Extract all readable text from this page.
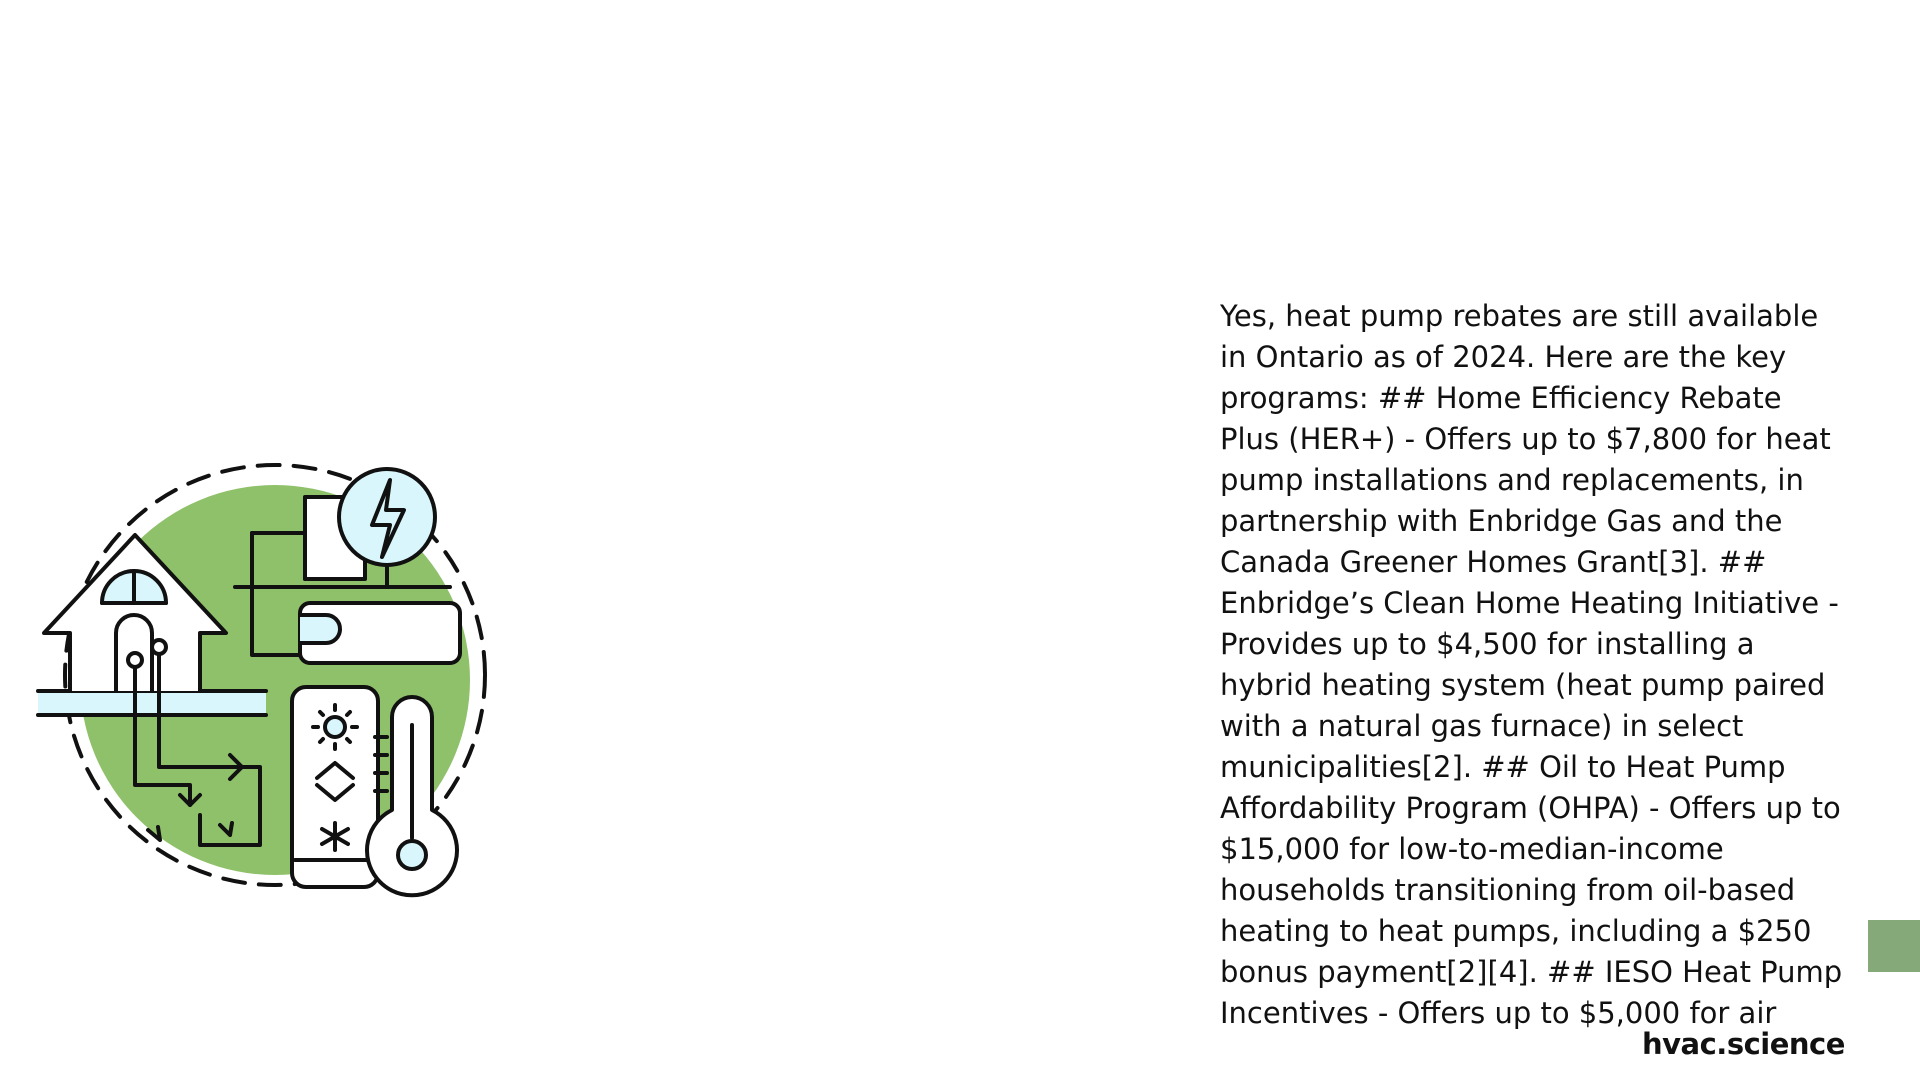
Yes, heat pump rebates are still available in Ontario as of 2024. Here are the key programs: ## Home Efficiency Rebate Plus (HER+) - Offers up to $7,800 for heat pump installations and replacements, in partnership with Enbridge Gas and the Canada Greener Homes Grant[3]. ## Enbridge’s Clean Home Heating Initiative - Provides up to $4,500 for installing a hybrid heating system (heat pump paired with a natural gas furnace) in select municipalities[2]. ## Oil to Heat Pump Affordability Program (OHPA) - Offers up to $15,000 for low-to-median-income households transitioning from oil-based heating to heat pumps, including a $250 bonus payment[2][4]. ## IESO Heat Pump Incentives - Offers up to $5,000 for air

hvac.science
